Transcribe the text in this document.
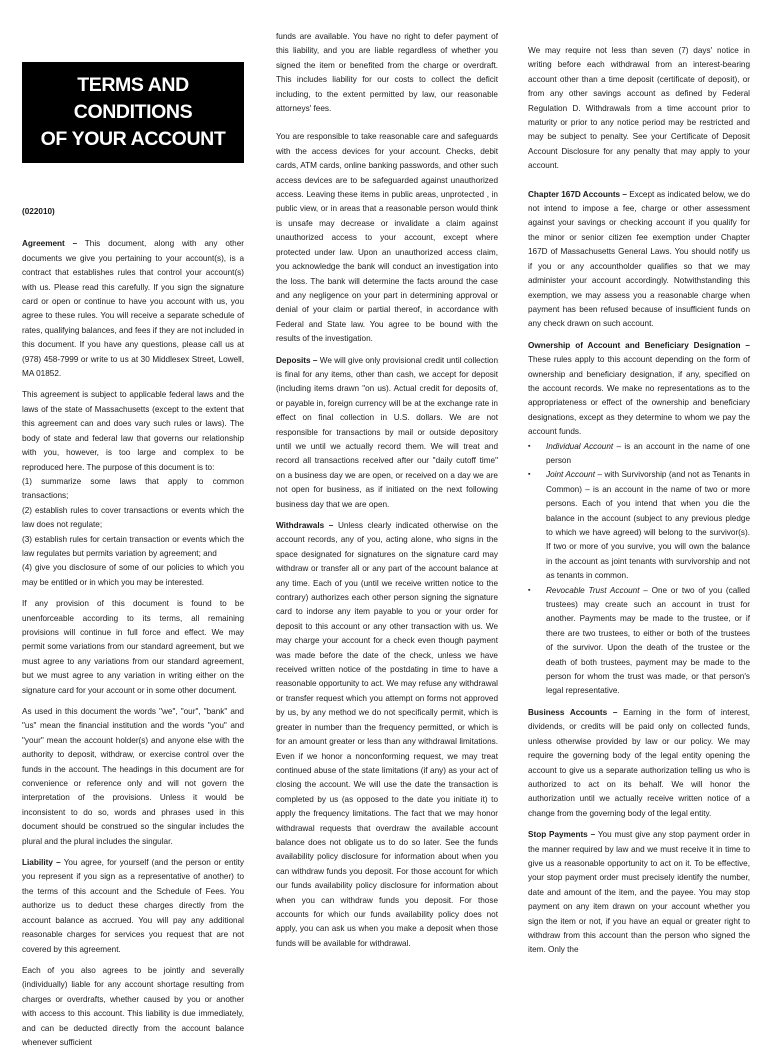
TERMS AND CONDITIONS
OF YOUR ACCOUNT

(022010)

Agreement – This document, along with any other documents we give you pertaining to your account(s), is a contract that establishes rules that control your account(s) with us. Please read this carefully. If you sign the signature card or open or continue to have you account with us, you agree to these rules. You will receive a separate schedule of rates, qualifying balances, and fees if they are not included in this document. If you have any questions, please call us at (978) 458-7999 or write to us at 30 Middlesex Street, Lowell, MA 01852.

This agreement is subject to applicable federal laws and the laws of the state of Massachusetts (except to the extent that this agreement can and does vary such rules or laws). The body of state and federal law that governs our relationship with you, however, is too large and complex to be reproduced here. The purpose of this document is to:
(1) summarize some laws that apply to common transactions;
(2) establish rules to cover transactions or events which the law does not regulate;
(3) establish rules for certain transaction or events which the law regulates but permits variation by agreement; and
(4) give you disclosure of some of our policies to which you may be entitled or in which you may be interested.

If any provision of this document is found to be unenforceable according to its terms, all remaining provisions will continue in full force and effect. We may permit some variations from our standard agreement, but we must agree to any variations from our standard agreement, but we must agree to any variation in writing either on the signature card for your account or in some other document.

As used in this document the words "we", "our", "bank" and "us" mean the financial institution and the words "you" and "your" mean the account holder(s) and anyone else with the authority to deposit, withdraw, or exercise control over the funds in the account. The headings in this document are for convenience or reference only and will not govern the interpretation of the provisions. Unless it would be inconsistent to do so, words and phrases used in this document should be construed so the singular includes the plural and the plural includes the singular.

Liability – You agree, for yourself (and the person or entity you represent if you sign as a representative of another) to the terms of this account and the Schedule of Fees. You authorize us to deduct these charges directly from the account balance as accrued. You will pay any additional reasonable charges for services you request that are not covered by this agreement.

Each of you also agrees to be jointly and severally (individually) liable for any account shortage resulting from charges or overdrafts, whether caused by you or another with access to this account. This liability is due immediately, and can be deducted directly from the account balance whenever sufficient

funds are available. You have no right to defer payment of this liability, and you are liable regardless of whether you signed the item or benefited from the charge or overdraft. This includes liability for our costs to collect the deficit including, to the extent permitted by law, our reasonable attorneys' fees.

You are responsible to take reasonable care and safeguards with the access devices for your account. Checks, debit cards, ATM cards, online banking passwords, and other such access devices are to be safeguarded against unauthorized access. Leaving these items in public areas, unprotected , in public view, or in areas that a reasonable person would think is unsafe may decrease or invalidate a claim against unauthorized access to your account, except where protected under law. Upon an unauthorized access claim, you acknowledge the bank will conduct an investigation into the loss. The bank will determine the facts around the case and any negligence on your part in determining approval or denial of your claim or partial thereof, in accordance with Federal and State law. You agree to be bound with the results of the investigation.

Deposits – We will give only provisional credit until collection is final for any items, other than cash, we accept for deposit (including items drawn "on us). Actual credit for deposits of, or payable in, foreign currency will be at the exchange rate in effect on final collection in U.S. dollars. We are not responsible for transactions by mail or outside depository until we until we actually record them. We will treat and record all transactions received after our "daily cutoff time" on a business day we are open, or received on a day we are not open for business, as if initiated on the next following business day that we are open.

Withdrawals – Unless clearly indicated otherwise on the account records, any of you, acting alone, who signs in the space designated for signatures on the signature card may withdraw or transfer all or any part of the account balance at any time. Each of you (until we receive written notice to the contrary) authorizes each other person signing the signature card to indorse any item payable to you or your order for deposit to this account or any other transaction with us. We may charge your account for a check even though payment was made before the date of the check, unless we have received written notice of the postdating in time to have a reasonable opportunity to act. We may refuse any withdrawal or transfer request which you attempt on forms not approved by us, by any method we do not specifically permit, which is greater in number than the frequency permitted, or which is for an amount greater or less than any withdrawal limitations. Even if we honor a nonconforming request, we may treat continued abuse of the state limitations (if any) as your act of closing the account. We will use the date the transaction is completed by us (as opposed to the date you initiate it) to apply the frequency limitations. The fact that we may honor withdrawal requests that overdraw the available account balance does not obligate us to do so later. See the funds availability policy disclosure for information about when you can withdraw funds you deposit. For those account for which our funds availability policy disclosure for information about when you can withdraw funds you deposit. For those accounts for which our funds availability policy does not apply, you can ask us when you make a deposit when those funds will be available for withdrawal.

We may require not less than seven (7) days' notice in writing before each withdrawal from an interest-bearing account other than a time deposit (certificate of deposit), or from any other savings account as defined by Federal Regulation D. Withdrawals from a time account prior to maturity or prior to any notice period may be restricted and may be subject to penalty. See your Certificate of Deposit Account Disclosure for any penalty that may apply to your account.

Chapter 167D Accounts – Except as indicated below, we do not intend to impose a fee, charge or other assessment against your savings or checking account if you qualify for the minor or senior citizen fee exemption under Chapter 167D of Massachusetts General Laws. You should notify us if you or any accountholder qualifies so that we may administer your account accordingly. Notwithstanding this exemption, we may assess you a reasonable charge when payment has been refused because of insufficient funds on any check drawn on such account.

Ownership of Account and Beneficiary Designation – These rules apply to this account depending on the form of ownership and beneficiary designation, if any, specified on the account records. We make no representations as to the appropriateness or effect of the ownership and beneficiary designations, except as they determine to whom we pay the account funds.

▪ Individual Account – is an account in the name of one person
▪ Joint Account – with Survivorship (and not as Tenants in Common) – is an account in the name of two or more persons. Each of you intend that when you die the balance in the account (subject to any previous pledge to which we have agreed) will belong to the survivor(s). If two or more of you survive, you will own the balance in the account as joint tenants with survivorship and not as tenants in common.
▪ Revocable Trust Account – One or two of you (called trustees) may create such an account in trust for another. Payments may be made to the trustee, or if there are two trustees, to either or both of the trustees of the survivor. Upon the death of the trustee or the death of both trustees, payment may be made to the person for whom the trust was made, or that person's legal representative.

Business Accounts – Earning in the form of interest, dividends, or credits will be paid only on collected funds, unless otherwise provided by law or our policy. We may require the governing body of the legal entity opening the account to give us a separate authorization telling us who is authorized to act on its behalf. We will honor the authorization until we actually receive written notice of a change from the governing body of the legal entity.

Stop Payments – You must give any stop payment order in the manner required by law and we must receive it in time to give us a reasonable opportunity to act on it. To be effective, your stop payment order must precisely identify the number, date and amount of the item, and the payee. You may stop payment on any item drawn on your account whether you sign the item or not, if you have an equal or greater right to withdraw from this account than the person who signed the item. Only the
